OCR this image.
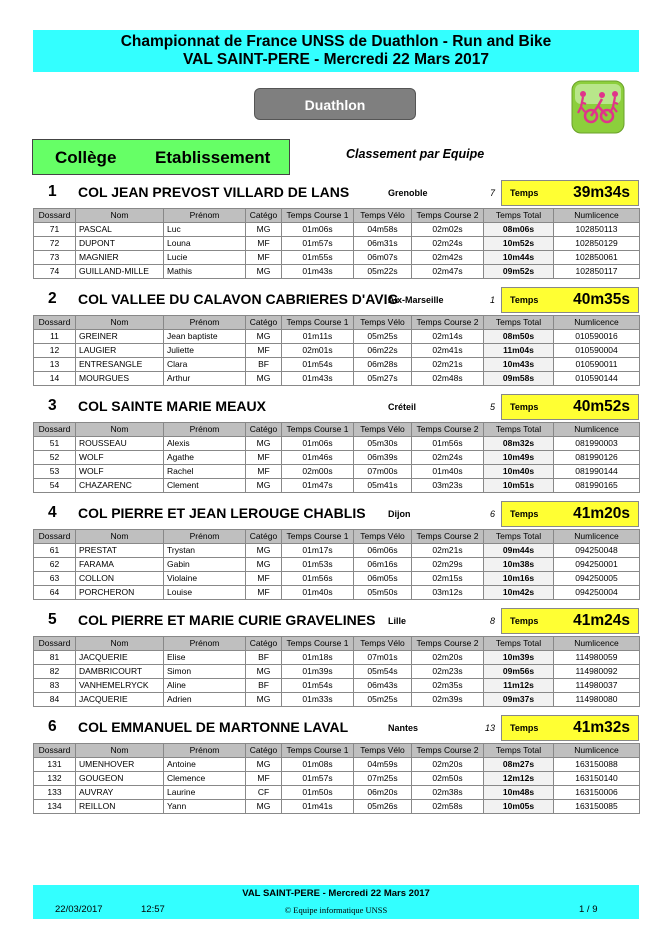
Championnat de France UNSS de Duathlon - Run and Bike
VAL SAINT-PERE - Mercredi 22 Mars 2017
Duathlon
Collège Etablissement	Classement par Equipe
1 COL JEAN PREVOST VILLARD DE LANS	Grenoble	7 Temps 39m34s
Dossard	Nom	Prénom	Catégo	Temps Course 1	Temps Vélo	Temps Course 2	Temps Total	Numlicence
71	PASCAL	Luc	MG	01m06s	04m58s	02m02s	08m06s	102850113
72	DUPONT	Louna	MF	01m57s	06m31s	02m24s	10m52s	102850129
73	MAGNIER	Lucie	MF	01m55s	06m07s	02m42s	10m44s	102850061
74	GUILLAND-MILLE	Mathis	MG	01m43s	05m22s	02m47s	09m52s	102850117
2 COL VALLEE DU CALAVON CABRIERES D'AVIG
Aix-Marseille	1 Temps 40m35s
Dossard	Nom	Prénom	Catégo	Temps Course 1	Temps Vélo	Temps Course 2	Temps Total	Numlicence
11	GREINER	Jean baptiste	MG	01m11s	05m25s	02m14s	08m50s	010590016
12	LAUGIER	Juliette	MF	02m01s	06m22s	02m41s	11m04s	010590004
13	ENTRESANGLE	Clara	BF	01m54s	06m28s	02m21s	10m43s	010590011
14	MOURGUES	Arthur	MG	01m43s	05m27s	02m48s	09m58s	010590144
3 COL SAINTE MARIE MEAUX	Créteil	5 Temps 40m52s
Dossard	Nom	Prénom	Catégo	Temps Course 1	Temps Vélo	Temps Course 2	Temps Total	Numlicence
51	ROUSSEAU	Alexis	MG	01m06s	05m30s	01m56s	08m32s	081990003
52	WOLF	Agathe	MF	01m46s	06m39s	02m24s	10m49s	081990126
53	WOLF	Rachel	MF	02m00s	07m00s	01m40s	10m40s	081990144
54	CHAZARENC	Clement	MG	01m47s	05m41s	03m23s	10m51s	081990165
4 COL PIERRE ET JEAN LEROUGE CHABLIS Dijon	6 Temps 41m20s
Dossard	Nom	Prénom	Catégo	Temps Course 1	Temps Vélo	Temps Course 2	Temps Total	Numlicence
61	PRESTAT	Trystan	MG	01m17s	06m06s	02m21s	09m44s	094250048
62	FARAMA	Gabin	MG	01m53s	06m16s	02m29s	10m38s	094250001
63	COLLON	Violaine	MF	01m56s	06m05s	02m15s	10m16s	094250005
64	PORCHERON	Louise	MF	01m40s	05m50s	03m12s	10m42s	094250004
5 COL PIERRE ET MARIE CURIE GRAVELINES Lille	8 Temps 41m24s
Dossard	Nom	Prénom	Catégo	Temps Course 1	Temps Vélo	Temps Course 2	Temps Total	Numlicence
81	JACQUERIE	Elise	BF	01m18s	07m01s	02m20s	10m39s	114980059
82	DAMBRICOURT	Simon	MG	01m39s	05m54s	02m23s	09m56s	114980092
83	VANHEMELRYCK	Aline	BF	01m54s	06m43s	02m35s	11m12s	114980037
84	JACQUERIE	Adrien	MG	01m33s	05m25s	02m39s	09m37s	114980080
6 COL EMMANUEL DE MARTONNE LAVAL	Nantes	13 Temps 41m32s
Dossard	Nom	Prénom	Catégo	Temps Course 1	Temps Vélo	Temps Course 2	Temps Total	Numlicence
131	UMENHOVER	Antoine	MG	01m08s	04m59s	02m20s	08m27s	163150088
132	GOUGEON	Clemence	MF	01m57s	07m25s	02m50s	12m12s	163150140
133	AUVRAY	Laurine	CF	01m50s	06m20s	02m38s	10m48s	163150006
134	REILLON	Yann	MG	01m41s	05m26s	02m58s	10m05s	163150085
VAL SAINT-PERE - Mercredi 22 Mars 2017
22/03/2017	12:57	© Equipe informatique UNSS	1 / 9
